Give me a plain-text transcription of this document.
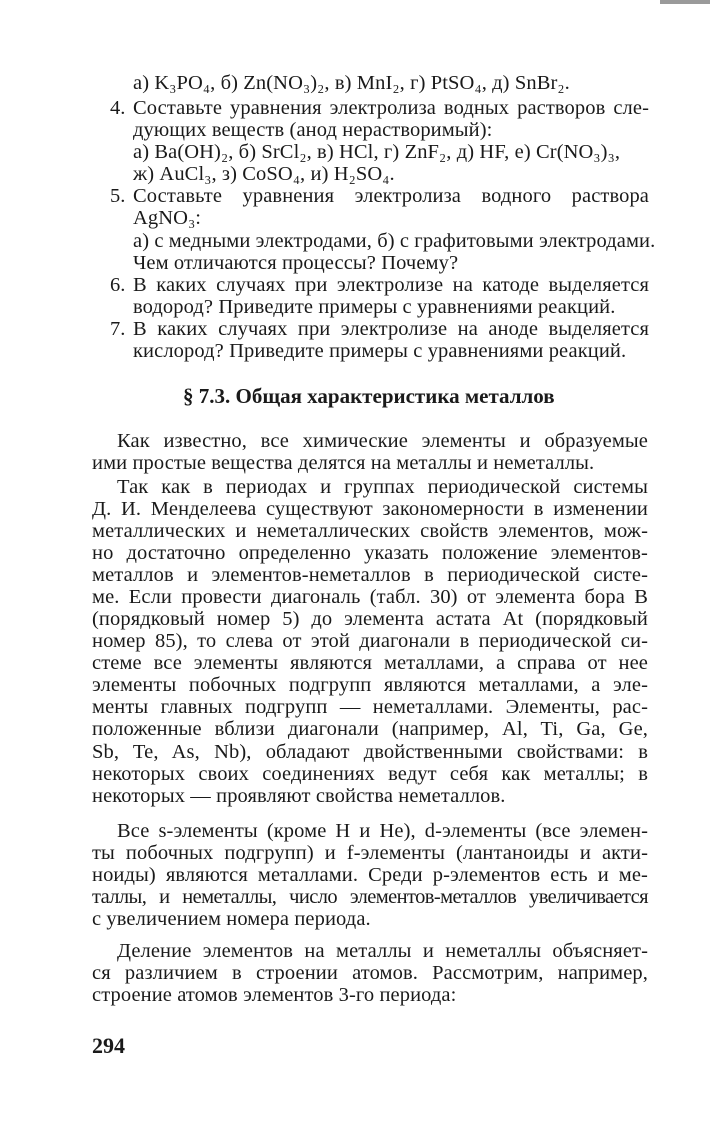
а) K₃PO₄, б) Zn(NO₃)₂, в) MnI₂, г) PtSO₄, д) SnBr₂.
4. Составьте уравнения электролиза водных растворов сле-
дующих веществ (анод нерастворимый):
а) Ba(OH)₂, б) SrCl₂, в) HCl, г) ZnF₂, д) HF, е) Cr(NO₃)₃,
ж) AuCl₃, з) CoSO₄, и) H₂SO₄.
5. Составьте уравнения электролиза водного раствора
AgNO₃:
а) с медными электродами, б) с графитовыми электродами.
Чем отличаются процессы? Почему?
6. В каких случаях при электролизе на катоде выделяется
водород? Приведите примеры с уравнениями реакций.
7. В каких случаях при электролизе на аноде выделяется
кислород? Приведите примеры с уравнениями реакций.
§ 7.3. Общая характеристика металлов
Как известно, все химические элементы и образуемые
ими простые вещества делятся на металлы и неметаллы.
Так как в периодах и группах периодической системы
Д. И. Менделеева существуют закономерности в изменении
металлических и неметаллических свойств элементов, мож-
но достаточно определенно указать положение элементов-
металлов и элементов-неметаллов в периодической систе-
ме. Если провести диагональ (табл. 30) от элемента бора B
(порядковый номер 5) до элемента астата At (порядковый
номер 85), то слева от этой диагонали в периодической си-
стеме все элементы являются металлами, а справа от нее
элементы побочных подгрупп являются металлами, а эле-
менты главных подгрупп — неметаллами. Элементы, рас-
положенные вблизи диагонали (например, Al, Ti, Ga, Ge,
Sb, Te, As, Nb), обладают двойственными свойствами: в
некоторых своих соединениях ведут себя как металлы; в
некоторых — проявляют свойства неметаллов.
Все s-элементы (кроме H и He), d-элементы (все элемен-
ты побочных подгрупп) и f-элементы (лантаноиды и акти-
ноиды) являются металлами. Среди p-элементов есть и ме-
таллы, и неметаллы, число элементов-металлов увеличивается
с увеличением номера периода.
Деление элементов на металлы и неметаллы объясняет-
ся различием в строении атомов. Рассмотрим, например,
строение атомов элементов 3-го периода:
294
